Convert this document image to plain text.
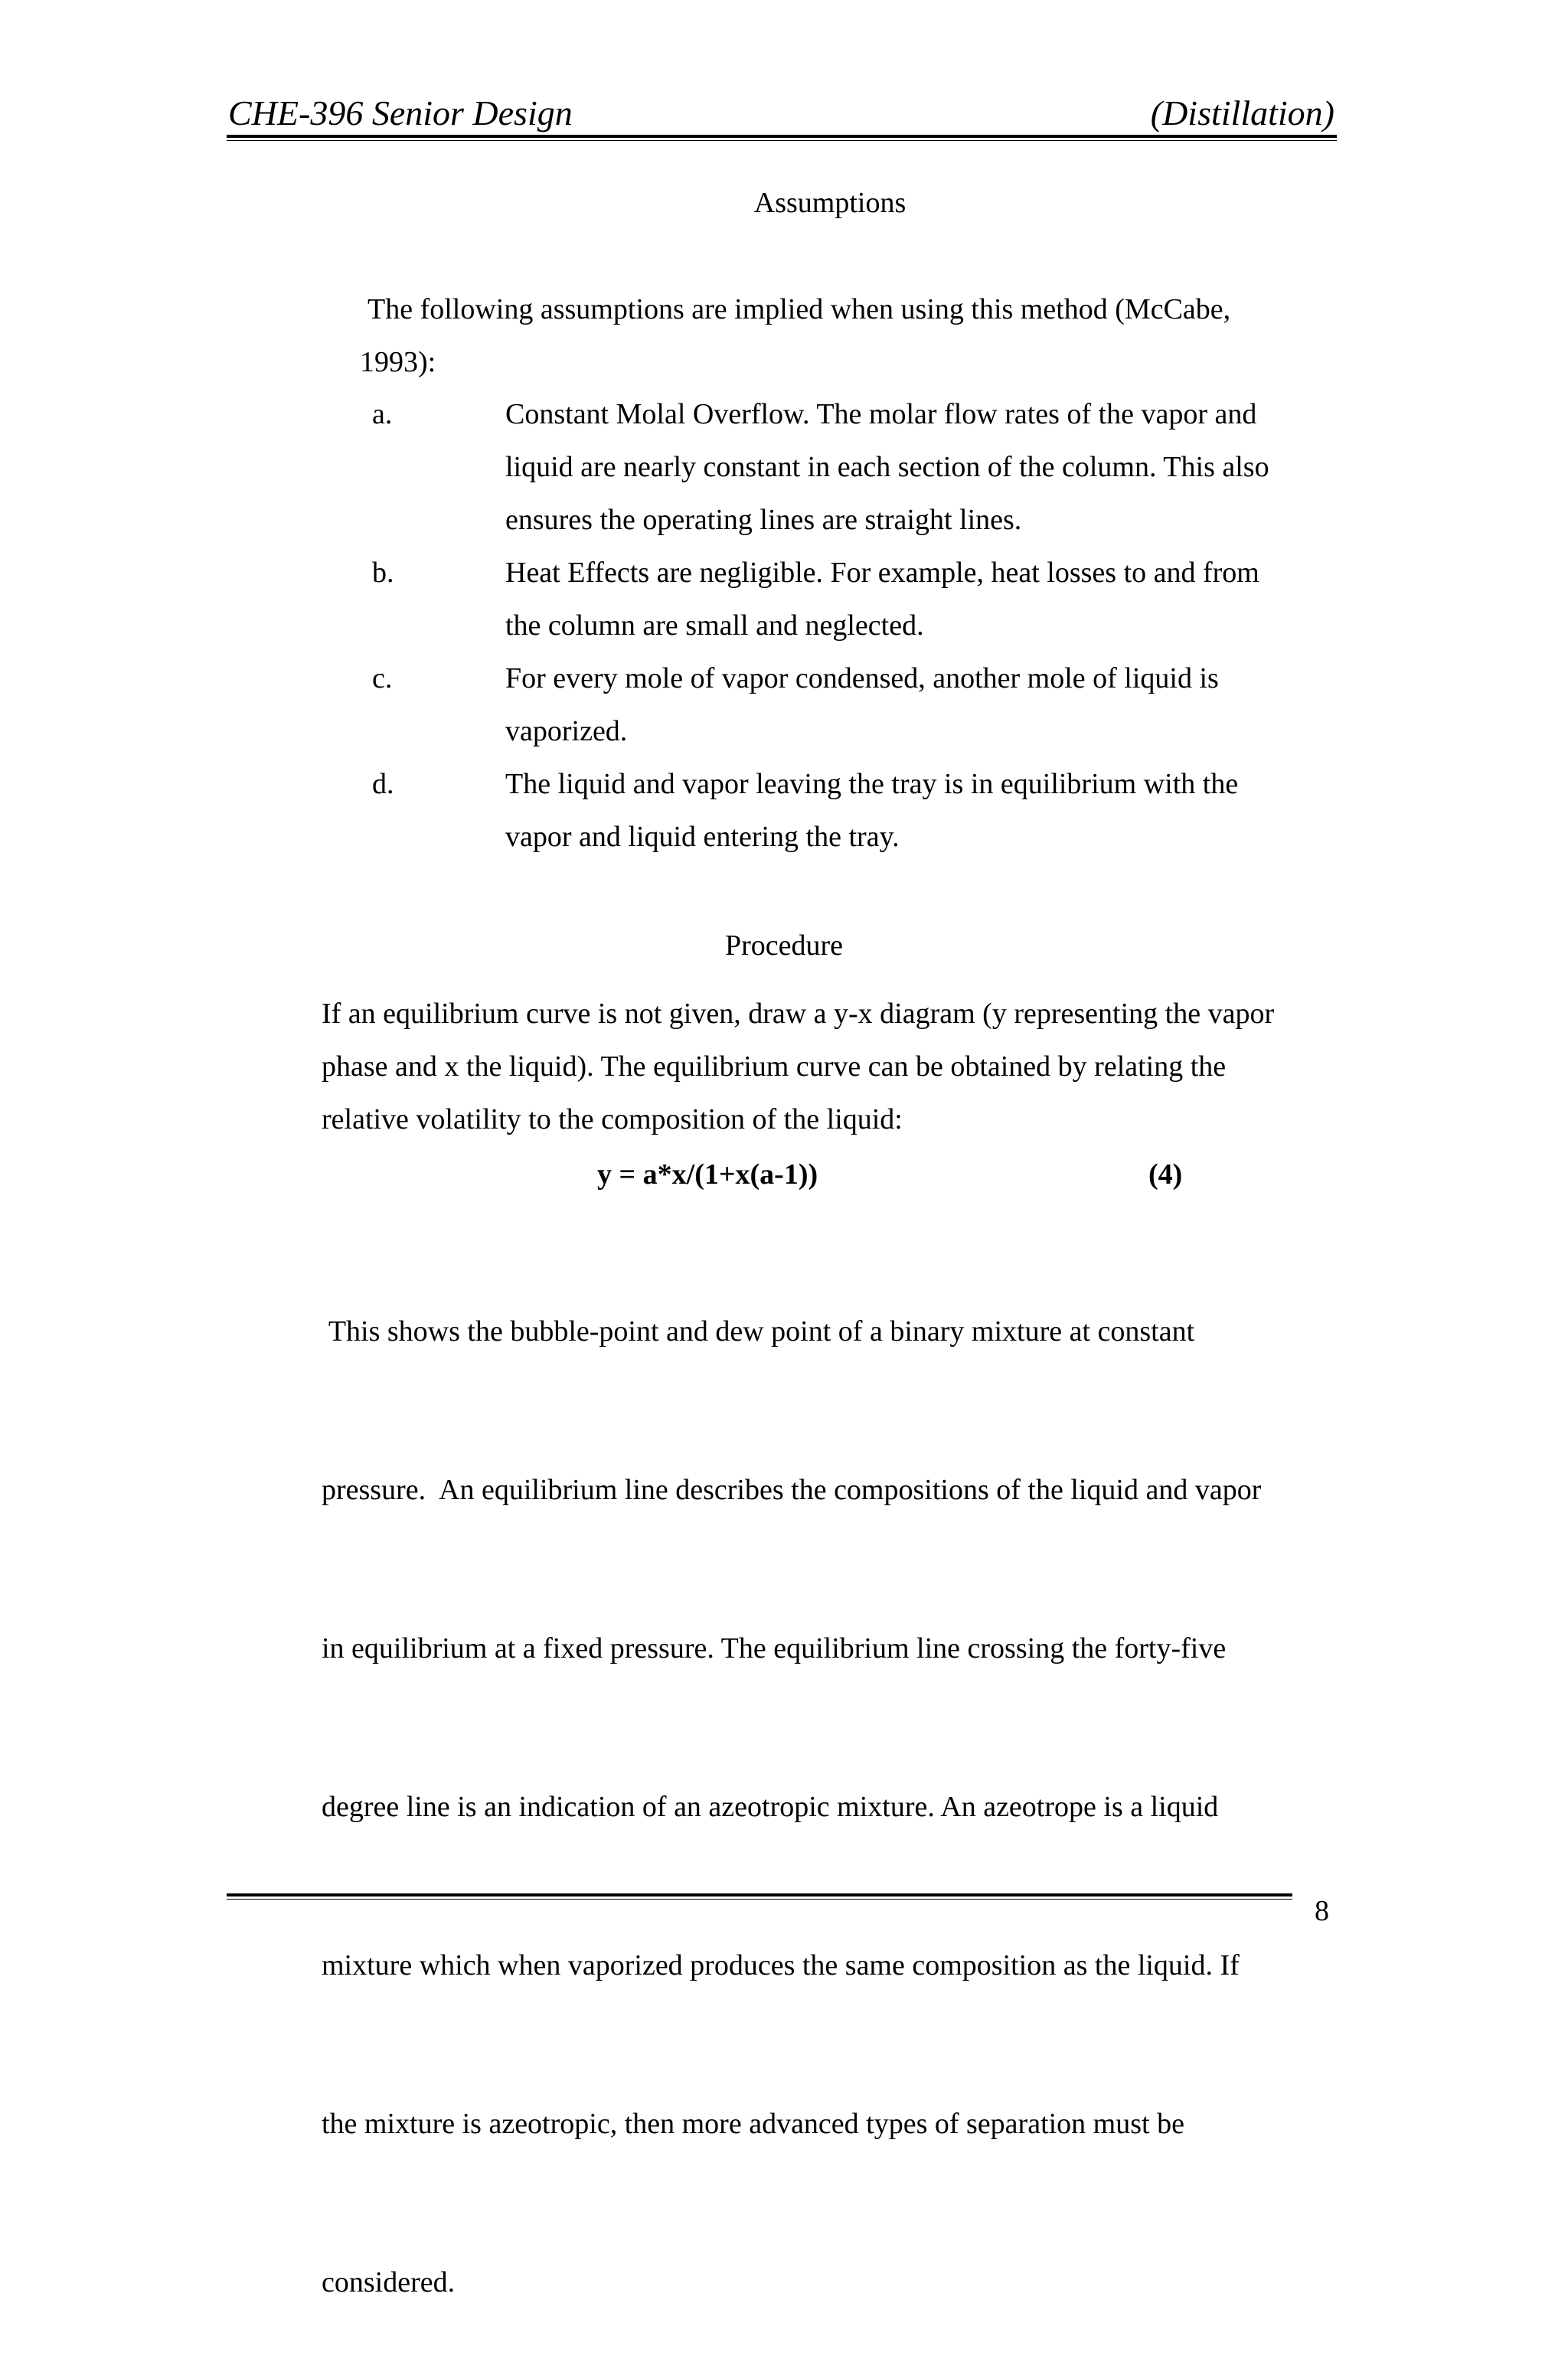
CHE-396 Senior Design	(Distillation)
Assumptions
The following assumptions are implied when using this method (McCabe,
1993):
a.	Constant Molal Overflow. The molar flow rates of the vapor and
liquid are nearly constant in each section of the column. This also
ensures the operating lines are straight lines.
b.	Heat Effects are negligible. For example, heat losses to and from
the column are small and neglected.
c.	For every mole of vapor condensed, another mole of liquid is
vaporized.
d.	The liquid and vapor leaving the tray is in equilibrium with the
vapor and liquid entering the tray.
Procedure
If an equilibrium curve is not given, draw a y-x diagram (y representing the vapor
phase and x the liquid). The equilibrium curve can be obtained by relating the
relative volatility to the composition of the liquid:
y = a*x/(1+x(a-1))	(4)

This shows the bubble-point and dew point of a binary mixture at constant

pressure.  An equilibrium line describes the compositions of the liquid and vapor

in equilibrium at a fixed pressure. The equilibrium line crossing the forty-five

degree line is an indication of an azeotropic mixture. An azeotrope is a liquid

mixture which when vaporized produces the same composition as the liquid. If

the mixture is azeotropic, then more advanced types of separation must be

considered.

8
